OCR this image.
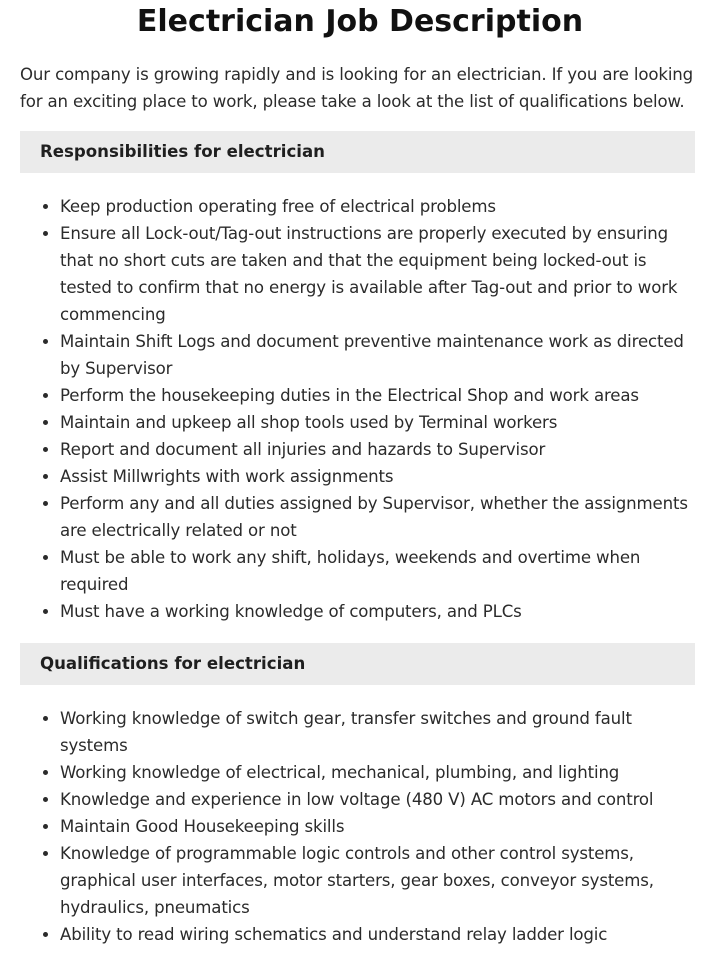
Electrician Job Description

Our company is growing rapidly and is looking for an electrician. If you are looking for an exciting place to work, please take a look at the list of qualifications below.

Responsibilities for electrician
Keep production operating free of electrical problems
Ensure all Lock-out/Tag-out instructions are properly executed by ensuring that no short cuts are taken and that the equipment being locked-out is tested to confirm that no energy is available after Tag-out and prior to work commencing
Maintain Shift Logs and document preventive maintenance work as directed by Supervisor
Perform the housekeeping duties in the Electrical Shop and work areas
Maintain and upkeep all shop tools used by Terminal workers
Report and document all injuries and hazards to Supervisor
Assist Millwrights with work assignments
Perform any and all duties assigned by Supervisor, whether the assignments are electrically related or not
Must be able to work any shift, holidays, weekends and overtime when required
Must have a working knowledge of computers, and PLCs
Qualifications for electrician
Working knowledge of switch gear, transfer switches and ground fault systems
Working knowledge of electrical, mechanical, plumbing, and lighting
Knowledge and experience in low voltage (480 V) AC motors and control
Maintain Good Housekeeping skills
Knowledge of programmable logic controls and other control systems, graphical user interfaces, motor starters, gear boxes, conveyor systems, hydraulics, pneumatics
Ability to read wiring schematics and understand relay ladder logic
